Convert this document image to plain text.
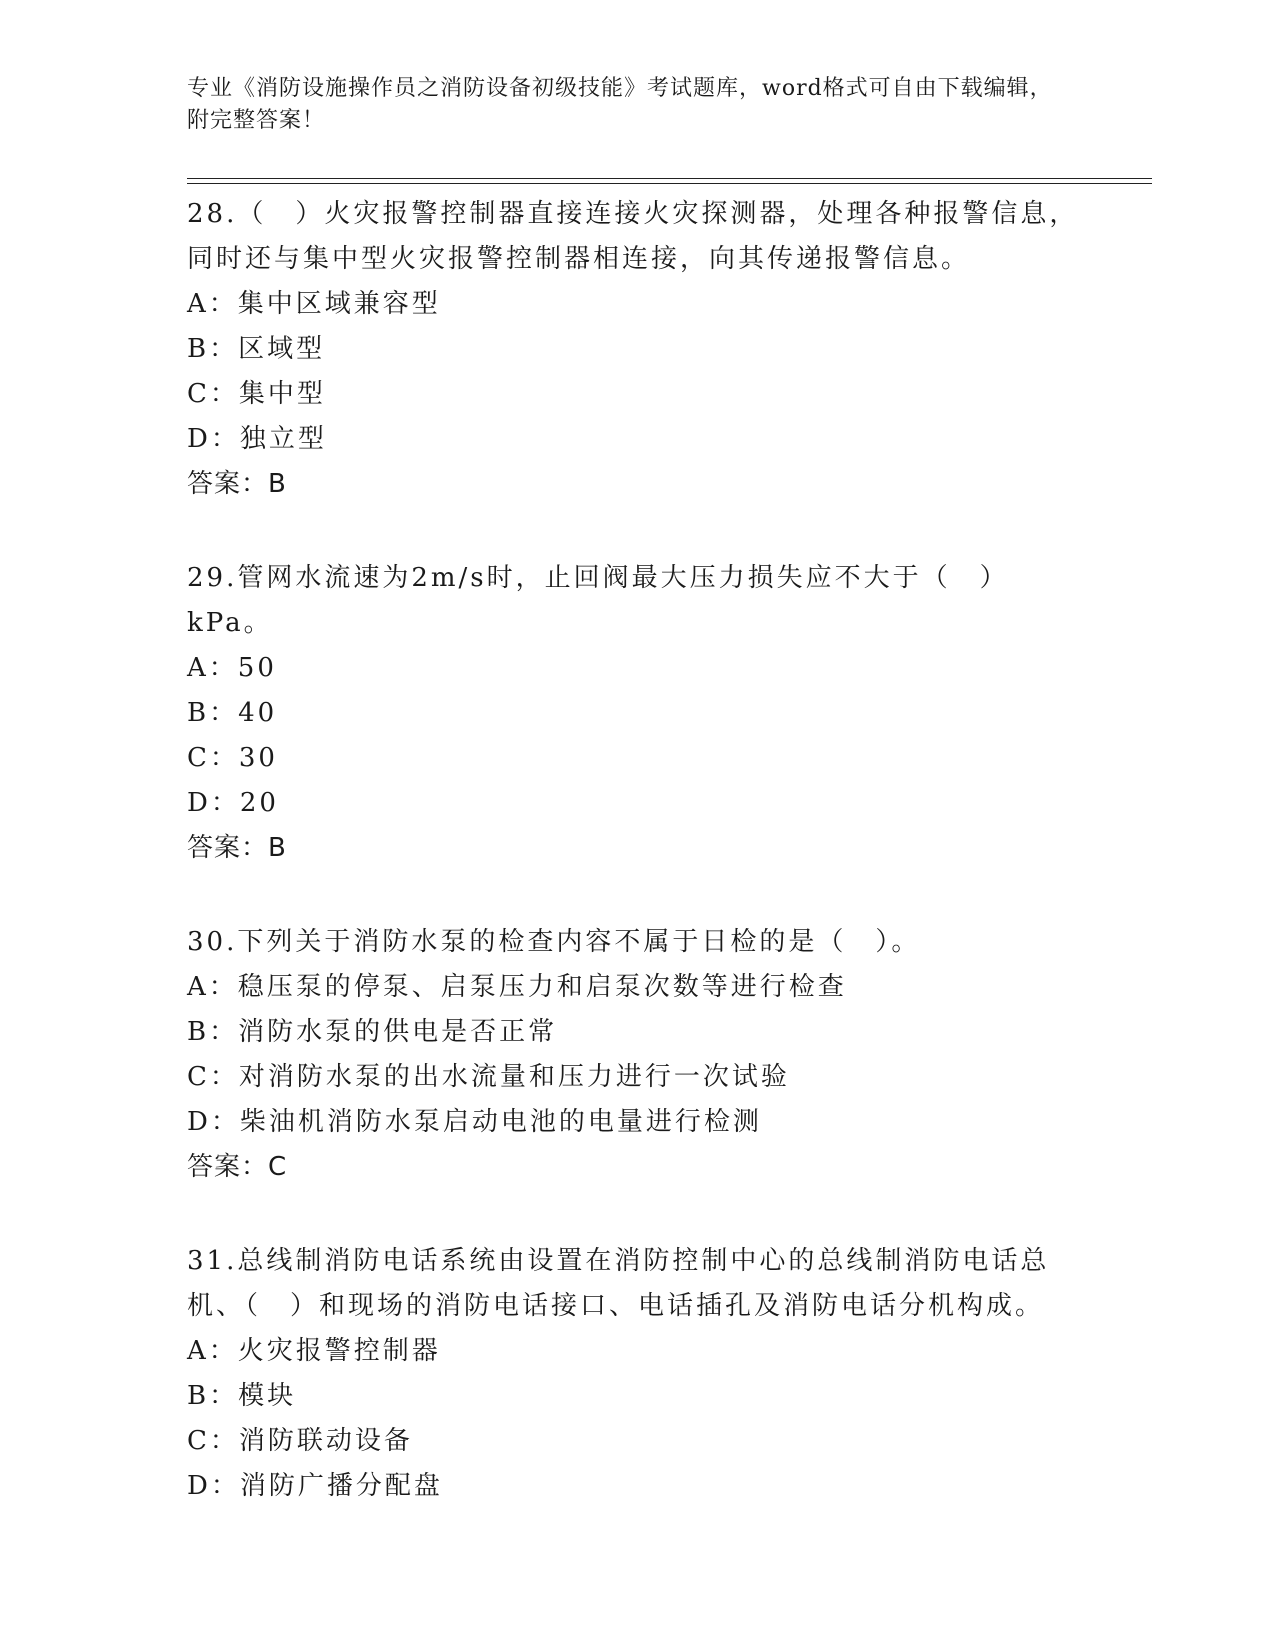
专业《消防设施操作员之消防设备初级技能》考试题库，word格式可自由下载编辑，附完整答案！
28.（　）火灾报警控制器直接连接火灾探测器，处理各种报警信息，同时还与集中型火灾报警控制器相连接，向其传递报警信息。
A：集中区域兼容型
B：区域型
C：集中型
D：独立型
答案：B
29.管网水流速为2m/s时，止回阀最大压力损失应不大于（　）kPa。
A：50
B：40
C：30
D：20
答案：B
30.下列关于消防水泵的检查内容不属于日检的是（　）。
A：稳压泵的停泵、启泵压力和启泵次数等进行检查
B：消防水泵的供电是否正常
C：对消防水泵的出水流量和压力进行一次试验
D：柴油机消防水泵启动电池的电量进行检测
答案：C
31.总线制消防电话系统由设置在消防控制中心的总线制消防电话总机、（　）和现场的消防电话接口、电话插孔及消防电话分机构成。
A：火灾报警控制器
B：模块
C：消防联动设备
D：消防广播分配盘
